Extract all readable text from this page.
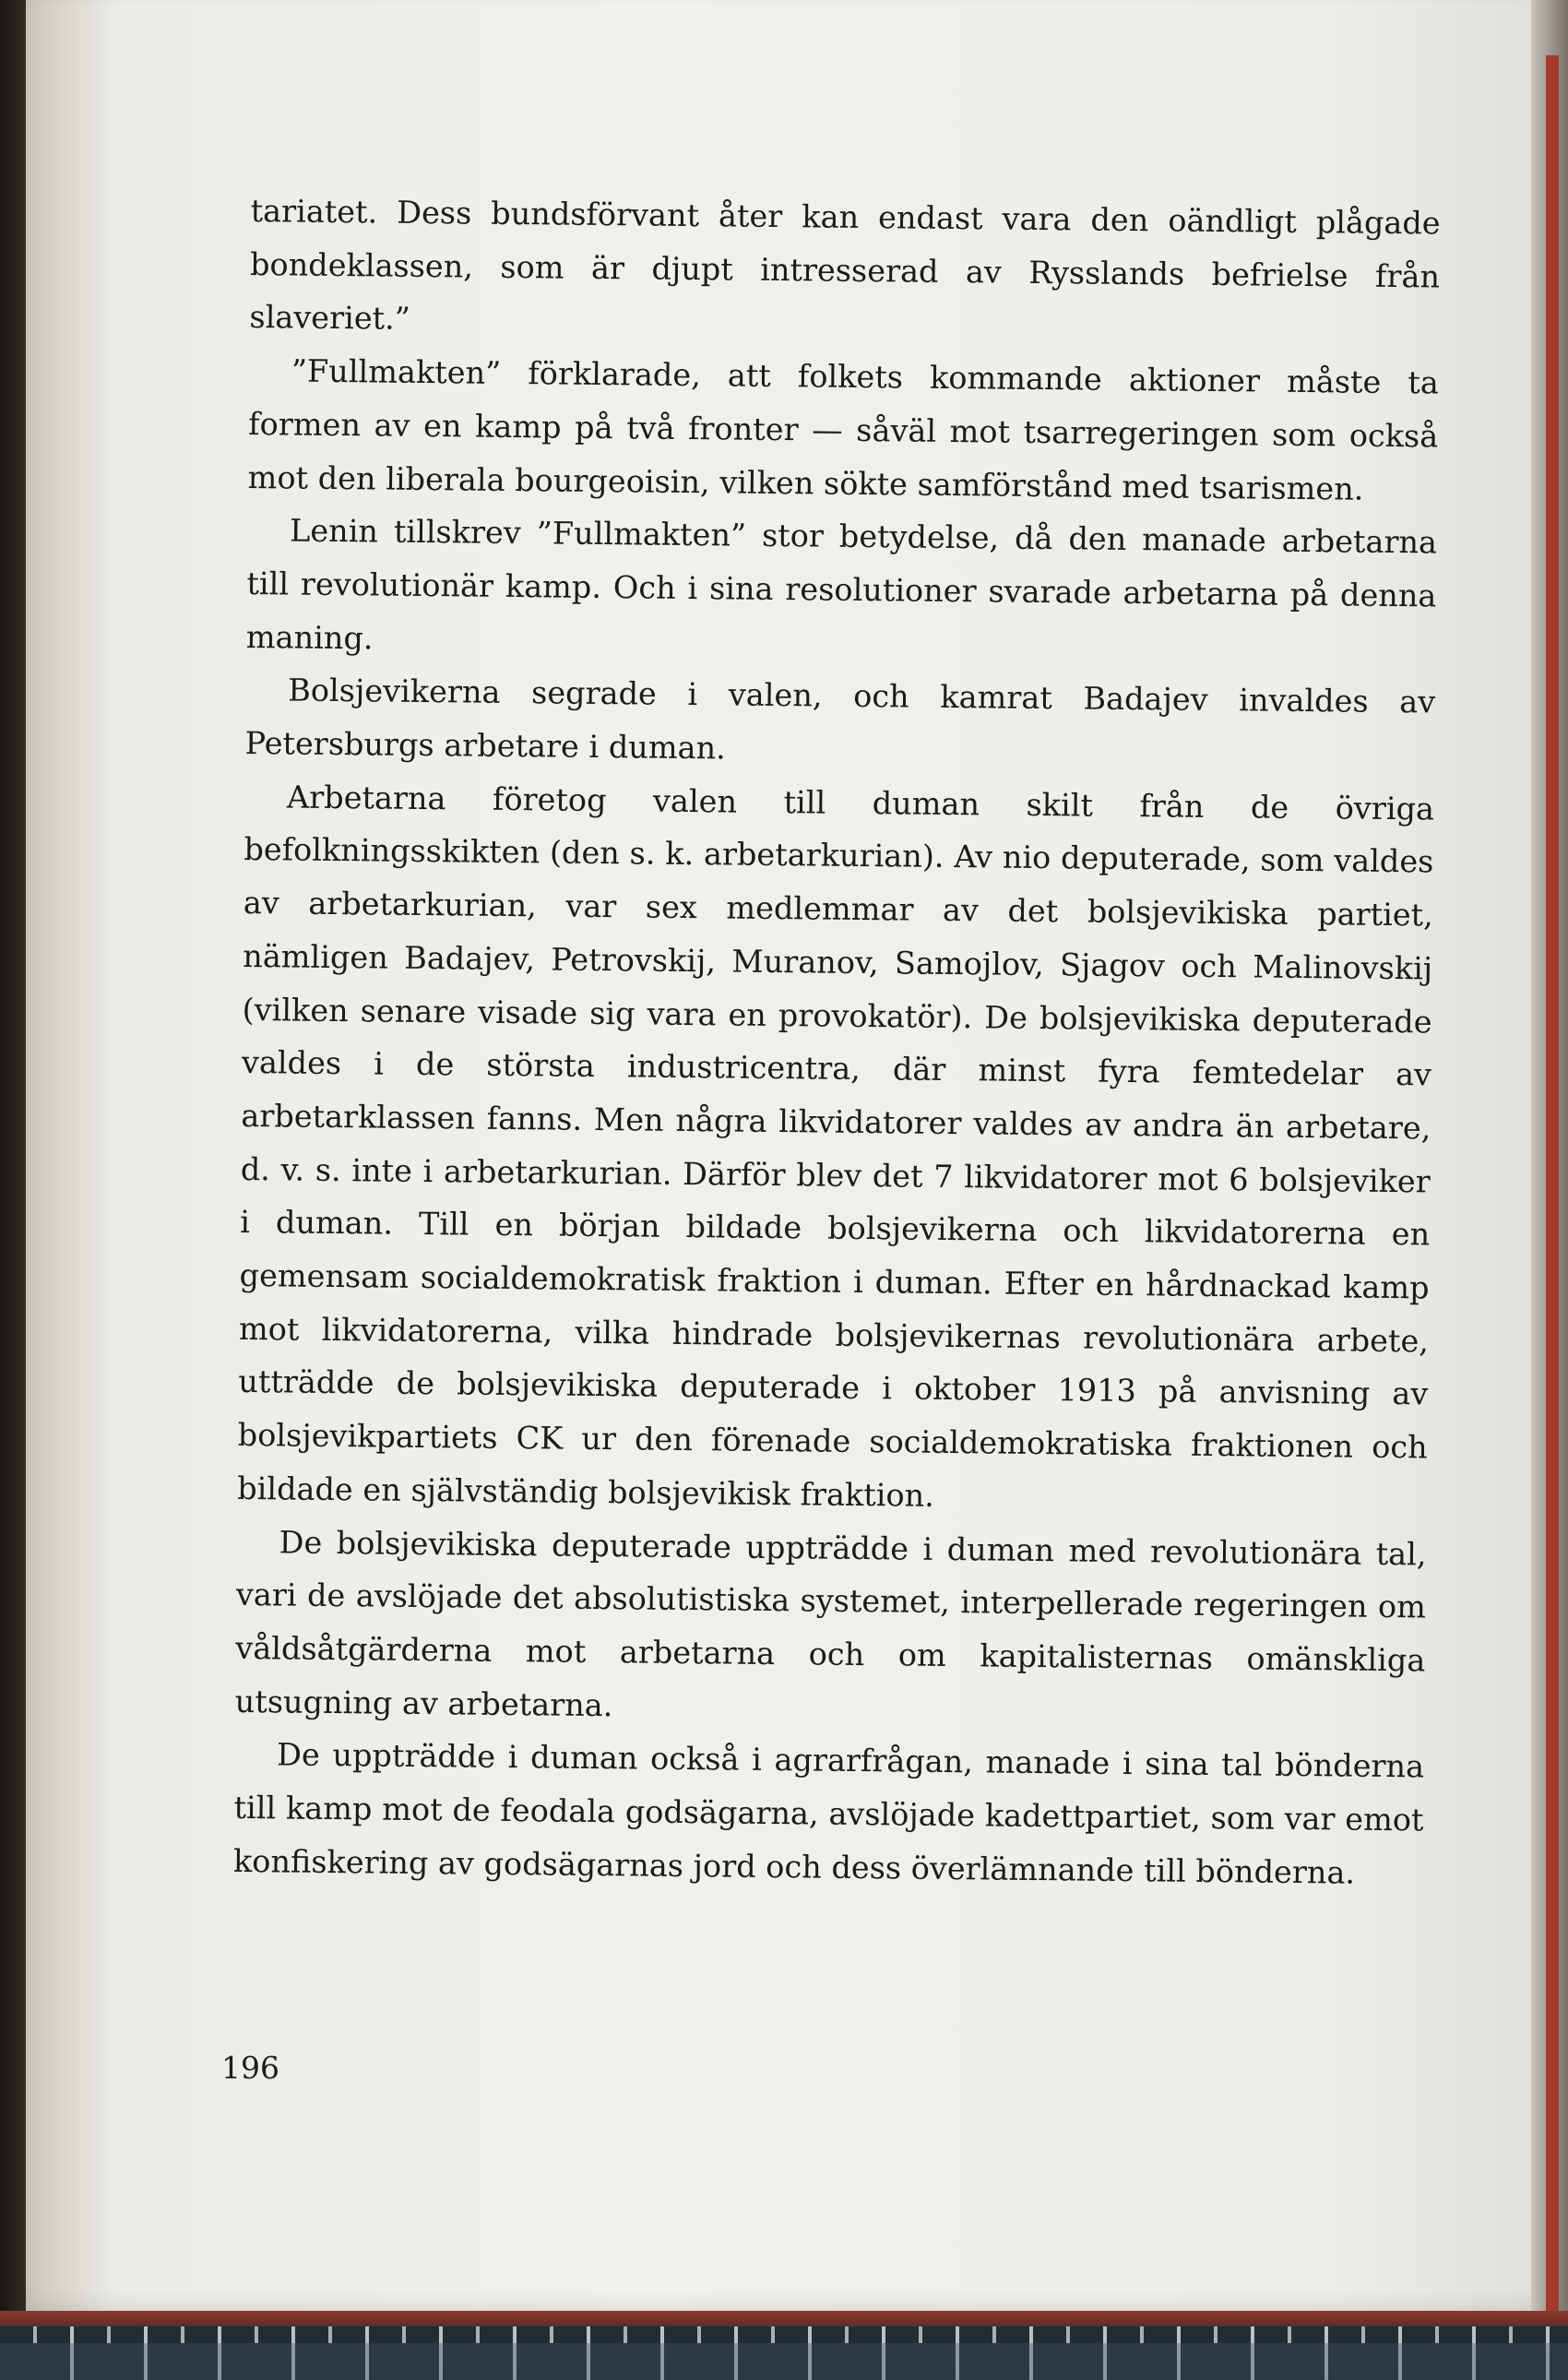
tariatet. Dess bundsförvant åter kan endast vara den oändligt plågade bondeklassen, som är djupt intresserad av Rysslands befrielse från slaveriet.”

”Fullmakten” förklarade, att folkets kommande aktioner måste ta formen av en kamp på två fronter — såväl mot tsarregeringen som också mot den liberala bourgeoisin, vilken sökte samförstånd med tsarismen.

Lenin tillskrev ”Fullmakten” stor betydelse, då den manade arbetarna till revolutionär kamp. Och i sina resolutioner svarade arbetarna på denna maning.

Bolsjevikerna segrade i valen, och kamrat Badajev invaldes av Petersburgs arbetare i duman.

Arbetarna företog valen till duman skilt från de övriga befolkningsskikten (den s. k. arbetarkurian). Av nio deputerade, som valdes av arbetarkurian, var sex medlemmar av det bolsjevikiska partiet, nämligen Badajev, Petrovskij, Muranov, Samojlov, Sjagov och Malinovskij (vilken senare visade sig vara en provokatör). De bolsjevikiska deputerade valdes i de största industricentra, där minst fyra femtedelar av arbetarklassen fanns. Men några likvidatorer valdes av andra än arbetare, d. v. s. inte i arbetarkurian. Därför blev det 7 likvidatorer mot 6 bolsjeviker i duman. Till en början bildade bolsjevikerna och likvidatorerna en gemensam socialdemokratisk fraktion i duman. Efter en hårdnackad kamp mot likvidatorerna, vilka hindrade bolsjevikernas revolutionära arbete, utträdde de bolsjevikiska deputerade i oktober 1913 på anvisning av bolsjevikpartiets CK ur den förenade socialdemokratiska fraktionen och bildade en självständig bolsjevikisk fraktion.

De bolsjevikiska deputerade uppträdde i duman med revolutionära tal, vari de avslöjade det absolutistiska systemet, interpellerade regeringen om våldsåtgärderna mot arbetarna och om kapitalisternas omänskliga utsugning av arbetarna.

De uppträdde i duman också i agrarfrågan, manade i sina tal bönderna till kamp mot de feodala godsägarna, avslöjade kadettpartiet, som var emot konfiskering av godsägarnas jord och dess överlämnande till bönderna.

196
